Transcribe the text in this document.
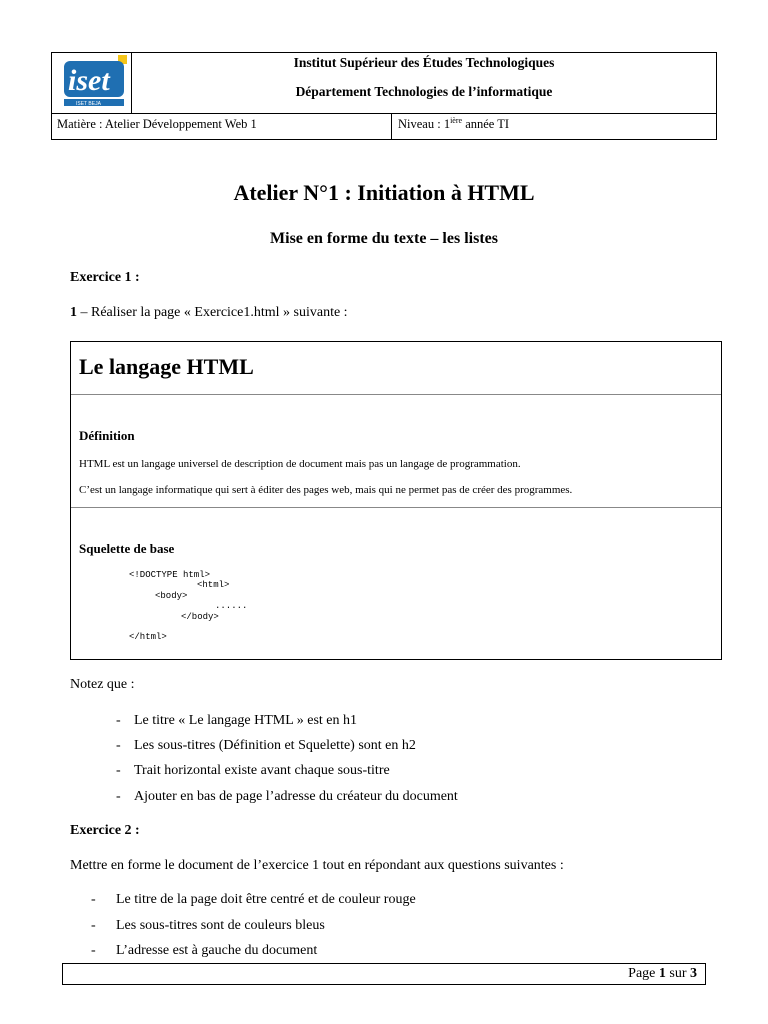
iset
ISET BEJA
Institut Supérieur des Études Technologiques
Département Technologies de l’informatique
Matière : Atelier Développement Web 1	Niveau : $1^{ière}$ année TI
Atelier N°1 : Initiation à HTML
Mise en forme du texte – les listes
Exercice 1 :
1 – Réaliser la page « Exercice1.html » suivante :
Le langage HTML
Définition
HTML est un langage universel de description de document mais pas un langage de programmation.
C’est un langage informatique qui sert à éditer des pages web, mais qui ne permet pas de créer des programmes.
Squelette de base
<!DOCTYPE html>
<html>
<body>
......
</body>
</html>
Notez que :
- Le titre « Le langage HTML » est en h1
- Les sous-titres (Définition et Squelette) sont en h2
- Trait horizontal existe avant chaque sous-titre
- Ajouter en bas de page l’adresse du créateur du document
Exercice 2 :
Mettre en forme le document de l’exercice 1 tout en répondant aux questions suivantes :
- Le titre de la page doit être centré et de couleur rouge
- Les sous-titres sont de couleurs bleus
- L’adresse est à gauche du document
Page 1 sur 3
